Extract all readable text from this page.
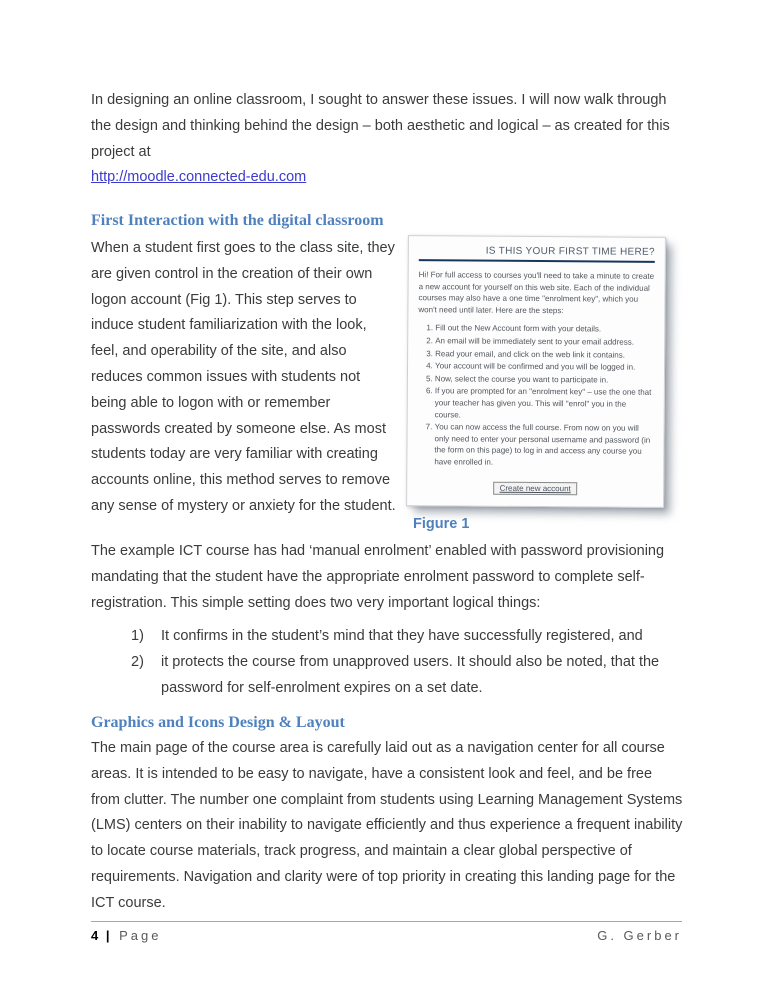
In designing an online classroom, I sought to answer these issues. I will now walk through the design and thinking behind the design – both aesthetic and logical – as created for this project at
http://moodle.connected-edu.com
First Interaction with the digital classroom
When a student first goes to the class site, they are given control in the creation of their own logon account (Fig 1). This step serves to induce student familiarization with the look, feel, and operability of the site, and also reduces common issues with students not being able to logon with or remember passwords created by someone else. As most students today are very familiar with creating accounts online, this method serves to remove any sense of mystery or anxiety for the student.
IS THIS YOUR FIRST TIME HERE?
Hi! For full access to courses you'll need to take a minute to create a new account for yourself on this web site. Each of the individual courses may also have a one time "enrolment key", which you won't need until later. Here are the steps:
1. Fill out the New Account form with your details.
2. An email will be immediately sent to your email address.
3. Read your email, and click on the web link it contains.
4. Your account will be confirmed and you will be logged in.
5. Now, select the course you want to participate in.
6. If you are prompted for an "enrolment key" – use the one that your teacher has given you. This will "enrol" you in the course.
7. You can now access the full course. From now on you will only need to enter your personal username and password (in the form on this page) to log in and access any course you have enrolled in.
Create new account
Figure 1
The example ICT course has had ‘manual enrolment’ enabled with password provisioning mandating that the student have the appropriate enrolment password to complete self-registration. This simple setting does two very important logical things:
1)	It confirms in the student’s mind that they have successfully registered, and
2)	it protects the course from unapproved users. It should also be noted, that the password for self-enrolment expires on a set date.
Graphics and Icons Design & Layout
The main page of the course area is carefully laid out as a navigation center for all course areas. It is intended to be easy to navigate, have a consistent look and feel, and be free from clutter. The number one complaint from students using Learning Management Systems (LMS) centers on their inability to navigate efficiently and thus experience a frequent inability to locate course materials, track progress, and maintain a clear global perspective of requirements. Navigation and clarity were of top priority in creating this landing page for the ICT course.
4 | Page	G. Gerber
